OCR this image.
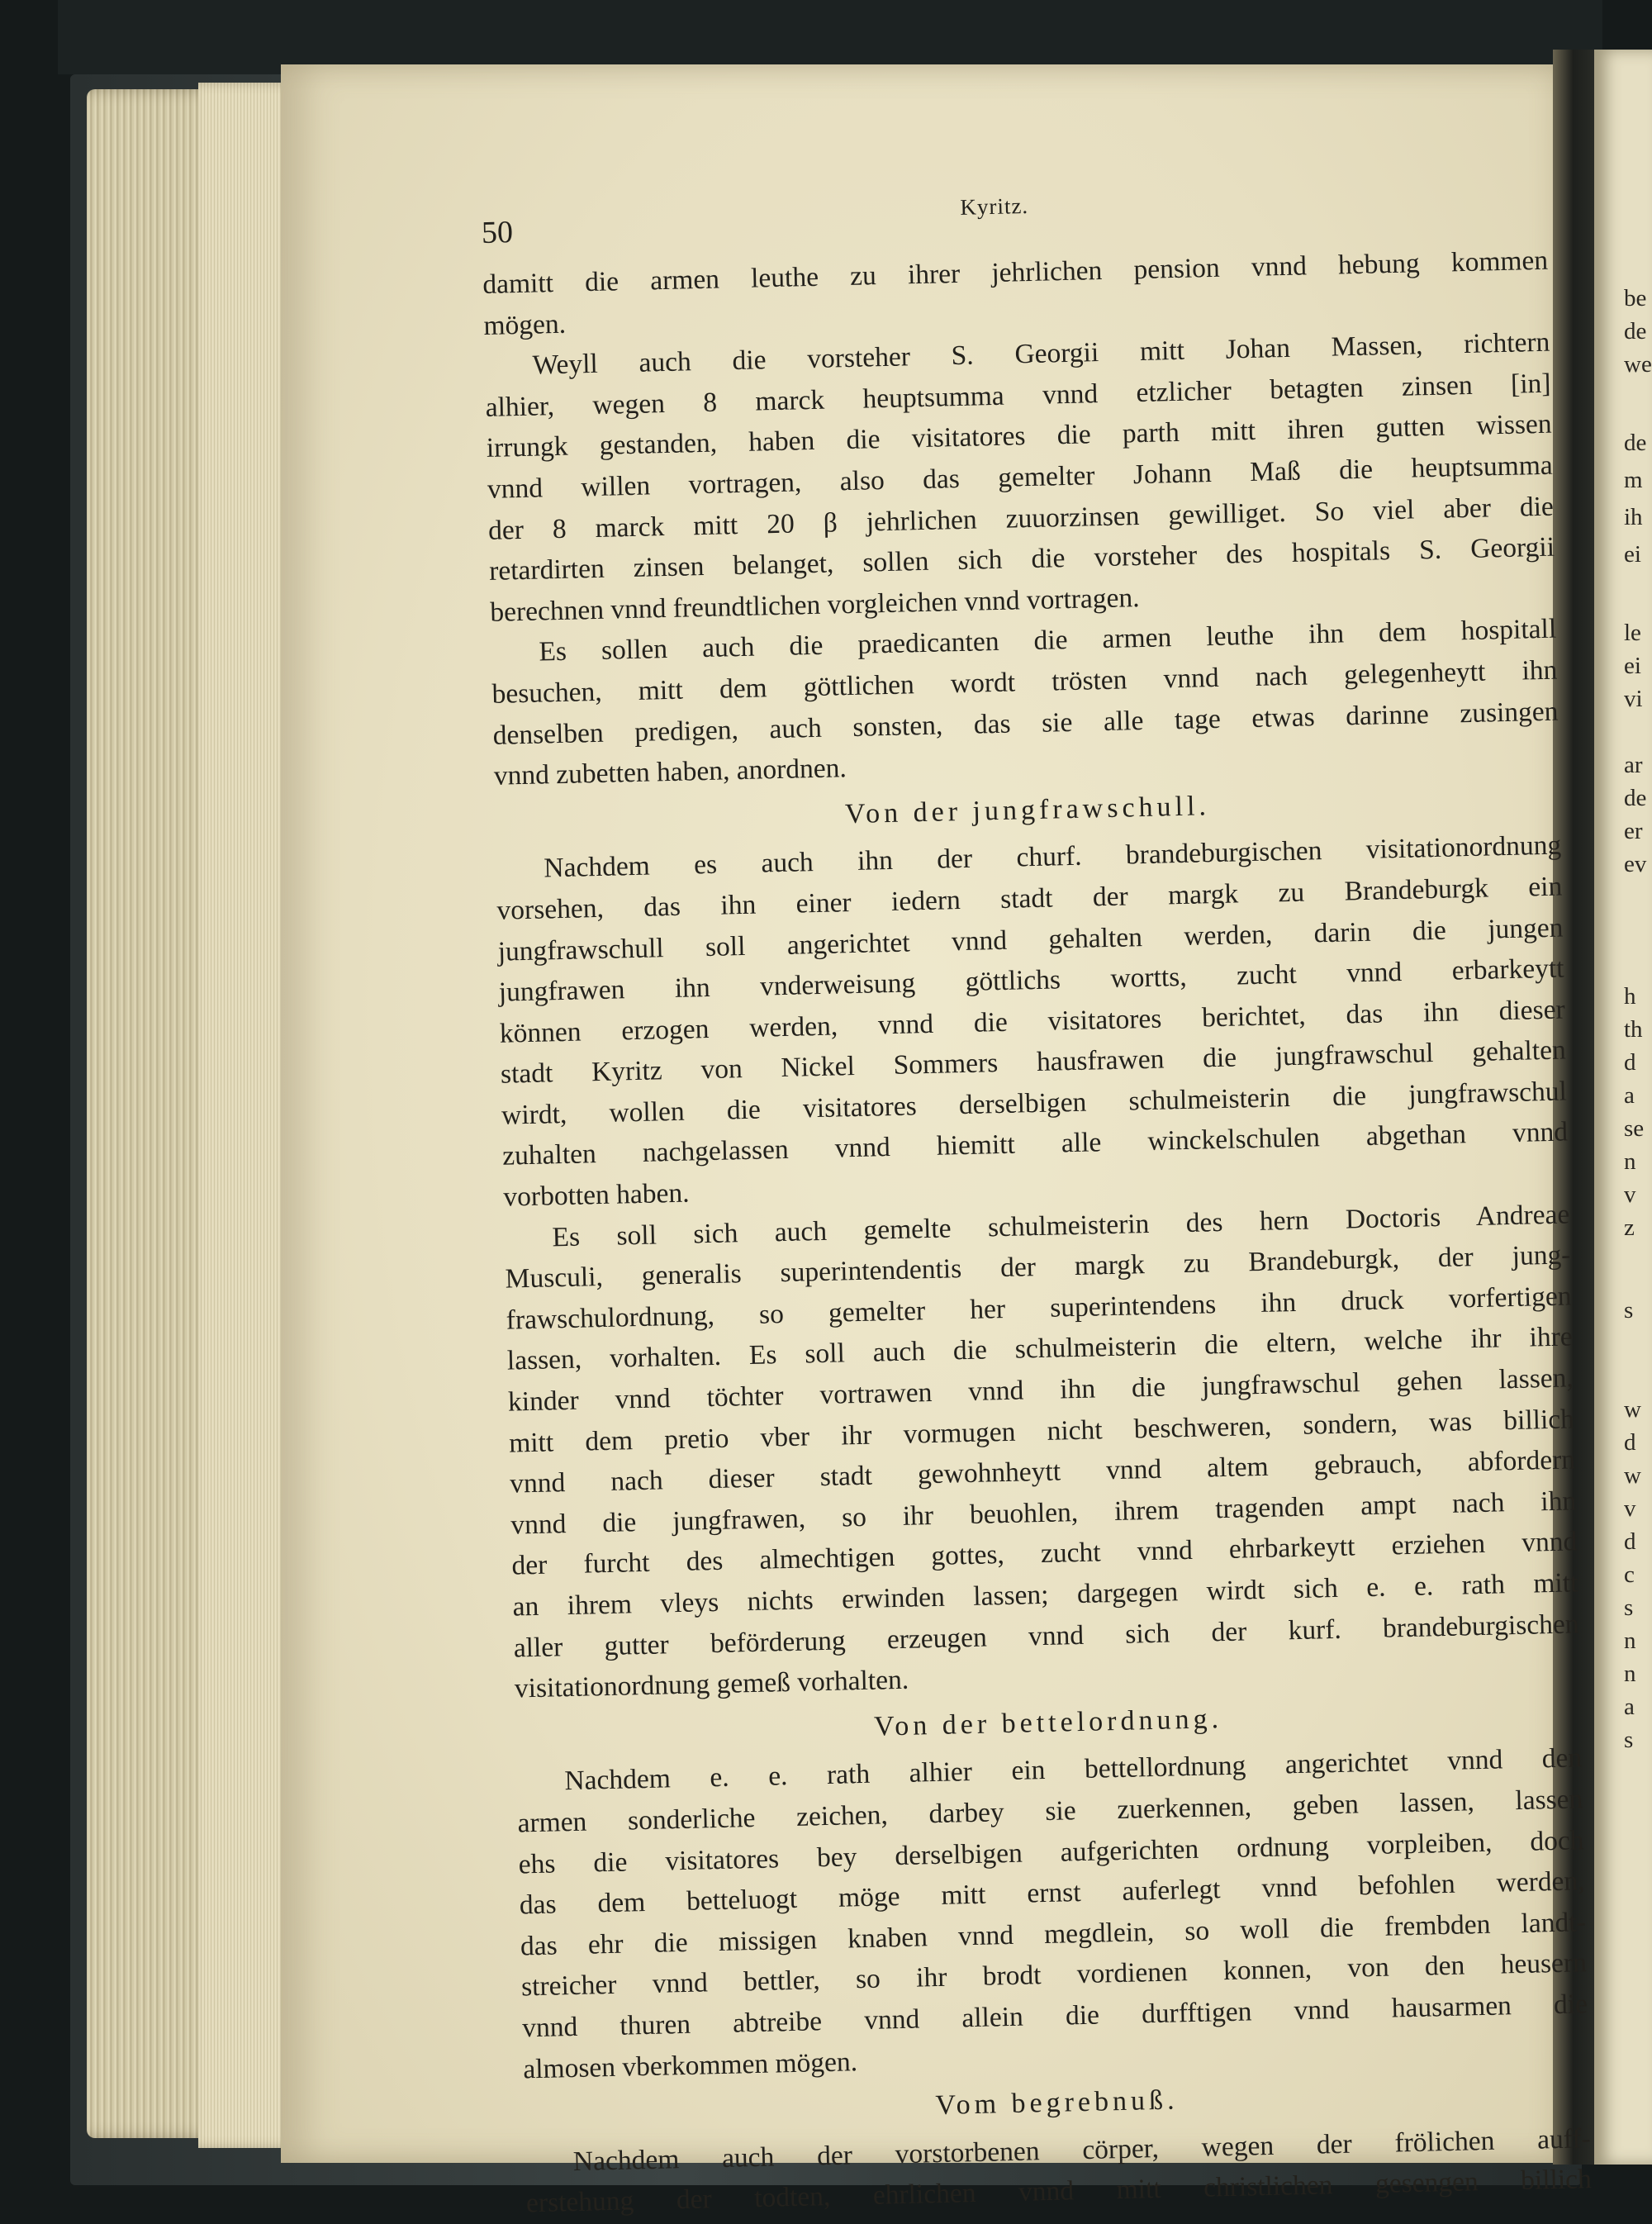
be
de
we
de
m
ih
ei
le
ei
vi
ar
de
er
ev
h
th
d
a
se
n
v
z
s
w
d
w
v
d
c
s
n
n
a
s
50
Kyritz.
damitt die armen leuthe zu ihrer jehrlichen pension vnnd hebung kommen
mögen.
Weyll auch die vorsteher S. Georgii mitt Johan Massen, richtern
alhier, wegen 8 marck heuptsumma vnnd etzlicher betagten zinsen [in]
irrungk gestanden, haben die visitatores die parth mitt ihren gutten wissen
vnnd willen vortragen, also das gemelter Johann Maß die heuptsumma
der 8 marck mitt 20 β jehrlichen zuuorzinsen gewilliget. So viel aber die
retardirten zinsen belanget, sollen sich die vorsteher des hospitals S. Georgii
berechnen vnnd freundtlichen vorgleichen vnnd vortragen.
Es sollen auch die praedicanten die armen leuthe ihn dem hospitall
besuchen, mitt dem göttlichen wordt trösten vnnd nach gelegenheytt ihn
denselben predigen, auch sonsten, das sie alle tage etwas darinne zusingen
vnnd zubetten haben, anordnen.
Von der jungfrawschull.
Nachdem es auch ihn der churf. brandeburgischen visitationordnung
vorsehen, das ihn einer iedern stadt der margk zu Brandeburgk ein
jungfrawschull soll angerichtet vnnd gehalten werden, darin die jungen
jungfrawen ihn vnderweisung göttlichs wortts, zucht vnnd erbarkeytt
können erzogen werden, vnnd die visitatores berichtet, das ihn dieser
stadt Kyritz von Nickel Sommers hausfrawen die jungfrawschul gehalten
wirdt, wollen die visitatores derselbigen schulmeisterin die jungfrawschul
zuhalten nachgelassen vnnd hiemitt alle winckelschulen abgethan vnnd
vorbotten haben.
Es soll sich auch gemelte schulmeisterin des hern Doctoris Andreae
Musculi, generalis superintendentis der margk zu Brandeburgk, der jung-
frawschulordnung, so gemelter her superintendens ihn druck vorfertigen
lassen, vorhalten. Es soll auch die schulmeisterin die eltern, welche ihr ihre
kinder vnnd töchter vortrawen vnnd ihn die jungfrawschul gehen lassen,
mitt dem pretio vber ihr vormugen nicht beschweren, sondern, was billich
vnnd nach dieser stadt gewohnheytt vnnd altem gebrauch, abfordern
vnnd die jungfrawen, so ihr beuohlen, ihrem tragenden ampt nach ihn
der furcht des almechtigen gottes, zucht vnnd ehrbarkeytt erziehen vnnd
an ihrem vleys nichts erwinden lassen; dargegen wirdt sich e. e. rath mitt
aller gutter beförderung erzeugen vnnd sich der kurf. brandeburgischen
visitationordnung gemeß vorhalten.
Von der bettelordnung.
Nachdem e. e. rath alhier ein bettellordnung angerichtet vnnd den
armen sonderliche zeichen, darbey sie zuerkennen, geben lassen, lassen
ehs die visitatores bey derselbigen aufgerichten ordnung vorpleiben, doch
das dem betteluogt möge mitt ernst auferlegt vnnd befohlen werden,
das ehr die missigen knaben vnnd megdlein, so woll die frembden landt-
streicher vnnd bettler, so ihr brodt vordienen konnen, von den heusern
vnnd thuren abtreibe vnnd allein die durfftigen vnnd hausarmen die
almosen vberkommen mögen.
Vom begrebnuß.
Nachdem auch der vorstorbenen cörper, wegen der frölichen auff-
erstehung der todten, ehrlichen vnnd mitt christlichen gesengen billich
